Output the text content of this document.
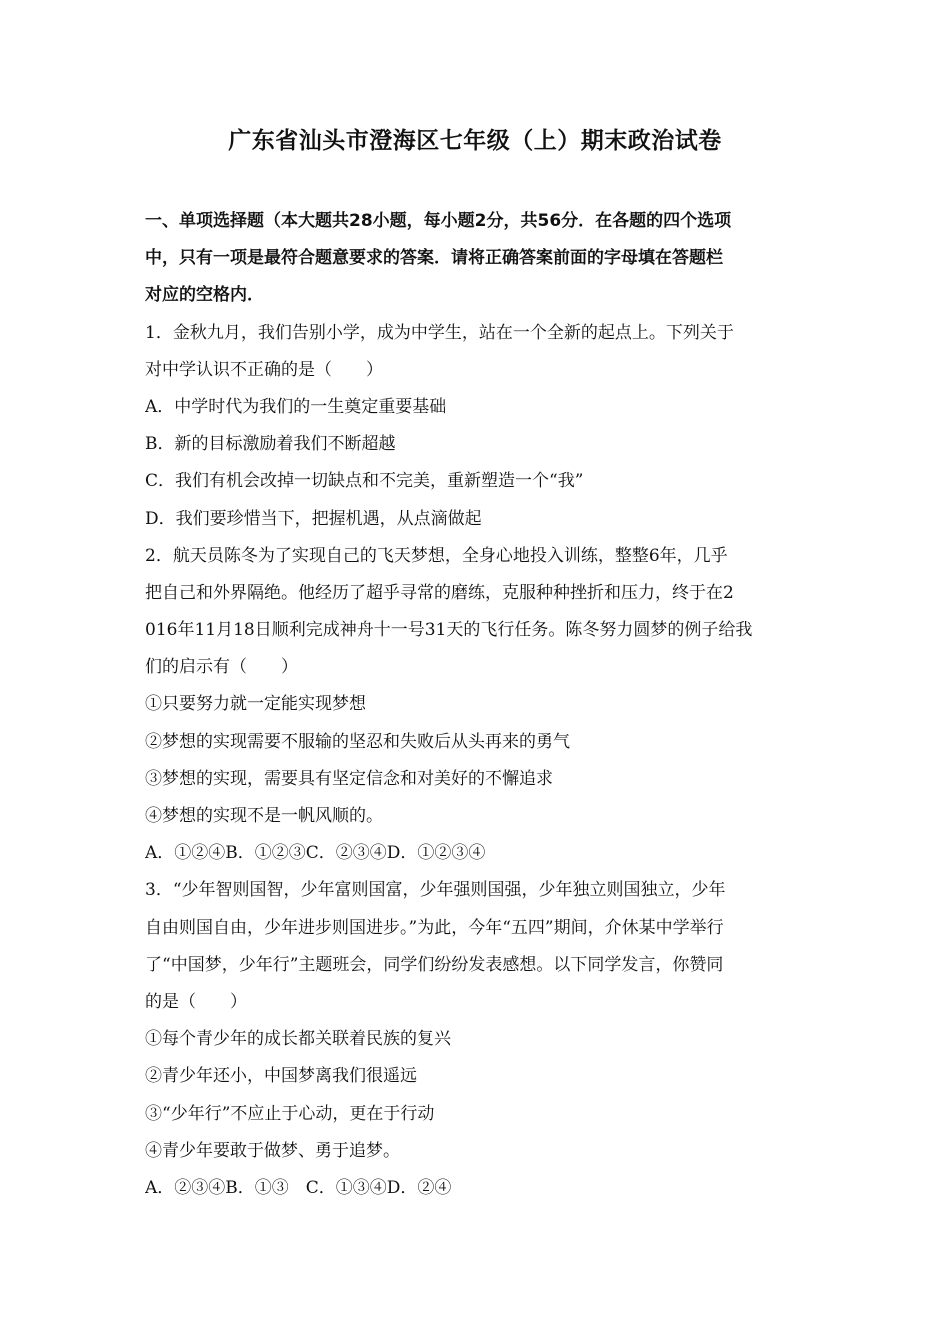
广东省汕头市澄海区七年级（上）期末政治试卷
一、单项选择题（本大题共28小题，每小题2分，共56分．在各题的四个选项
中，只有一项是最符合题意要求的答案．请将正确答案前面的字母填在答题栏
对应的空格内．
1．金秋九月，我们告别小学，成为中学生，站在一个全新的起点上。下列关于
对中学认识不正确的是（　　）
A．中学时代为我们的一生奠定重要基础
B．新的目标激励着我们不断超越
C．我们有机会改掉一切缺点和不完美，重新塑造一个“我”
D．我们要珍惜当下，把握机遇，从点滴做起
2．航天员陈冬为了实现自己的飞天梦想，全身心地投入训练，整整6年，几乎
把自己和外界隔绝。他经历了超乎寻常的磨练，克服种种挫折和压力，终于在2
016年11月18日顺利完成神舟十一号31天的飞行任务。陈冬努力圆梦的例子给我
们的启示有（　　）
①只要努力就一定能实现梦想
②梦想的实现需要不服输的坚忍和失败后从头再来的勇气
③梦想的实现，需要具有坚定信念和对美好的不懈追求
④梦想的实现不是一帆风顺的。
A．①②④B．①②③C．②③④D．①②③④
3．“少年智则国智，少年富则国富，少年强则国强，少年独立则国独立，少年
自由则国自由，少年进步则国进步。”为此，今年“五四”期间，介休某中学举行
了“中国梦，少年行”主题班会，同学们纷纷发表感想。以下同学发言，你赞同
的是（　　）
①每个青少年的成长都关联着民族的复兴
②青少年还小，中国梦离我们很遥远
③“少年行”不应止于心动，更在于行动
④青少年要敢于做梦、勇于追梦。
A．②③④B．①③　C．①③④D．②④
